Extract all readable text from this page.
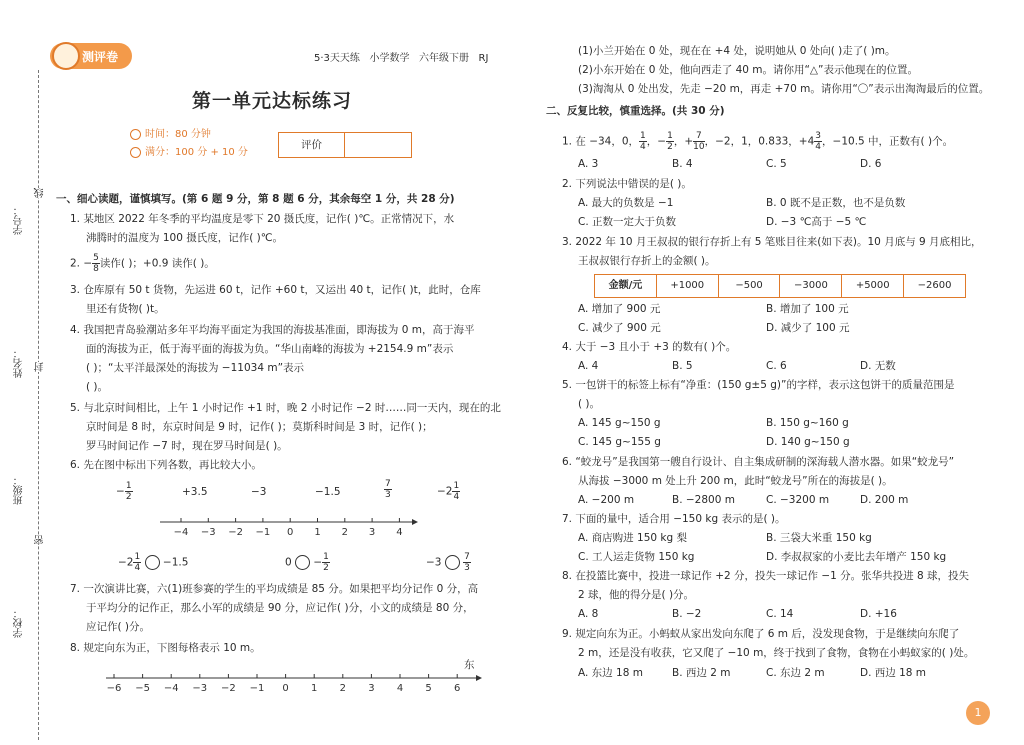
学号：
姓名：
班级：
学校：
线
封
密
测评卷	5·3天天练 小学数学 六年级下册 RJ
第一单元达标练习
时间：80 分钟
满分：100 分 + 10 分
评价
一、细心读题，谨慎填写。(第 6 题 9 分，第 8 题 6 分，其余每空 1 分，共 28 分)
1. 某地区 2022 年冬季的平均温度是零下 20 摄氏度，记作( )℃。正常情况下，水
沸腾时的温度为 100 摄氏度，记作( )℃。
2. − $\frac{5}{8}$ 读作( )；+0.9 读作( )。
3. 仓库原有 50 t 货物，先运进 60 t，记作 +60 t，又运出 40 t，记作( )t，此时，仓库
里还有货物( )t。
4. 我国把青岛验潮站多年平均海平面定为我国的海拔基准面，即海拔为 0 m，高于海平
面的海拔为正，低于海平面的海拔为负。“华山南峰的海拔为 +2154.9 m”表示
( )；“太平洋最深处的海拔为 −11034 m”表示
( )。
5. 与北京时间相比，上午 1 小时记作 +1 时，晚 2 小时记作 −2 时……同一天内，现在的北
京时间是 8 时，东京时间是 9 时，记作( )；莫斯科时间是 3 时，记作( )；
罗马时间记作 −7 时，现在罗马时间是( )。
6. 先在图中标出下列各数，再比较大小。
− $\frac{1}{2}$	+3.5	−3	−1.5	$\frac{7}{3}$	$-2 \frac{1}{4}$
−4 −3 −2 −1 0 1 2 3 4
$-2 \frac{1}{4} -1.5$	$0 - \frac{1}{2}$	$-3 \frac{7}{3}$
7. 一次演讲比赛，六(1)班参赛的学生的平均成绩是 85 分。如果把平均分记作 0 分，高
于平均分的记作正，那么小军的成绩是 90 分，应记作( )分，小文的成绩是 80 分，
应记作( )分。
8. 规定向东为正，下图每格表示 10 m。
东
−6 −5 −4 −3 −2 −1 0 1 2 3 4 5 6
(1)小兰开始在 0 处，现在在 +4 处，说明她从 0 处向( )走了( )m。
(2)小东开始在 0 处，他向西走了 40 m。请你用“△”表示他现在的位置。
(3)淘淘从 0 处出发，先走 −20 m，再走 +70 m。请你用“〇”表示出淘淘最后的位置。
二、反复比较，慎重选择。(共 30 分)
1. 在 −34，0， $\frac{1}{4}$ ，− $\frac{1}{2}$ ，+ $\frac{7}{10}$ ，−2，1，0.833，$+4 \frac{3}{4}$ ，−10.5 中，正数有( )个。
A. 3	B. 4	C. 5	D. 6
2. 下列说法中错误的是( )。
A. 最大的负数是 −1	B. 0 既不是正数，也不是负数
C. 正数一定大于负数	D. −3 ℃高于 −5 ℃
3. 2022 年 10 月王叔叔的银行存折上有 5 笔账目往来(如下表)。10 月底与 9 月底相比，
王叔叔银行存折上的金额( )。
金额/元	+1000	−500	−3000	+5000	−2600
A. 增加了 900 元	B. 增加了 100 元
C. 减少了 900 元	D. 减少了 100 元
4. 大于 −3 且小于 +3 的数有( )个。
A. 4	B. 5	C. 6	D. 无数
5. 一包饼干的标签上标有“净重：(150 g±5 g)”的字样，表示这包饼干的质量范围是
( )。
A. 145 g~150 g	B. 150 g~160 g
C. 145 g~155 g	D. 140 g~150 g
6. “蛟龙号”是我国第一艘自行设计、自主集成研制的深海载人潜水器。如果“蛟龙号”
从海拔 −3000 m 处上升 200 m，此时“蛟龙号”所在的海拔是( )。
A. −200 m	B. −2800 m	C. −3200 m	D. 200 m
7. 下面的量中，适合用 −150 kg 表示的是( )。
A. 商店购进 150 kg 梨	B. 三袋大米重 150 kg
C. 工人运走货物 150 kg	D. 李叔叔家的小麦比去年增产 150 kg
8. 在投篮比赛中，投进一球记作 +2 分，投失一球记作 −1 分。张华共投进 8 球，投失
2 球，他的得分是( )分。
A. 8	B. −2	C. 14	D. +16
9. 规定向东为正。小蚂蚁从家出发向东爬了 6 m 后，没发现食物，于是继续向东爬了
2 m，还是没有收获，它又爬了 −10 m，终于找到了食物，食物在小蚂蚁家的( )处。
A. 东边 18 m	B. 西边 2 m	C. 东边 2 m	D. 西边 18 m
1
